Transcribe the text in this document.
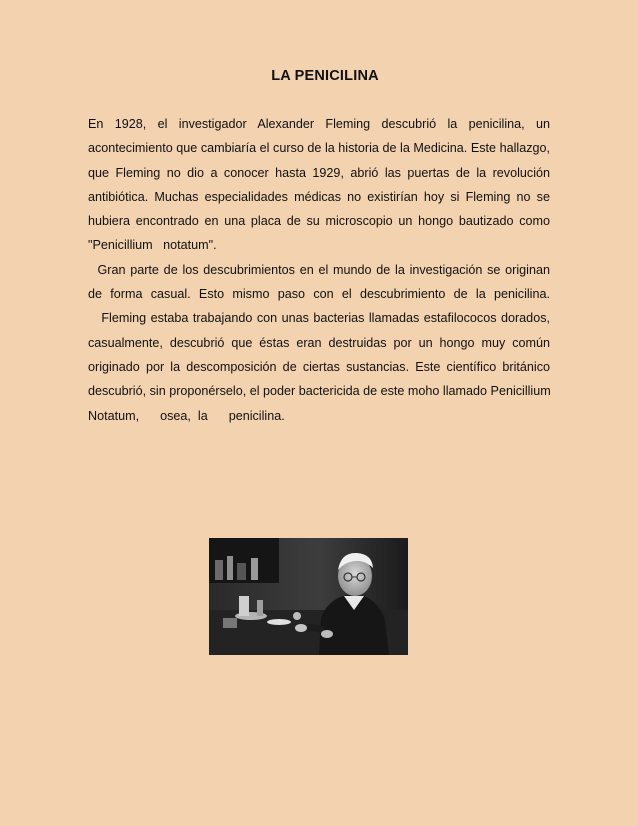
LA PENICILINA
En 1928, el investigador Alexander Fleming descubrió la penicilina, un
acontecimiento que cambiaría el curso de la historia de la Medicina. Este hallazgo,
que Fleming no dio a conocer hasta 1929, abrió las puertas de la revolución
antibiótica. Muchas especialidades médicas no existirían hoy si Fleming no se
hubiera encontrado en una placa de su microscopio un hongo bautizado como
"Penicillium   notatum".
Gran parte de los descubrimientos en el mundo de la investigación se originan
de forma casual. Esto mismo paso con el descubrimiento de la penicilina.
Fleming estaba trabajando con unas bacterias llamadas estafilococos dorados,
casualmente, descubrió que éstas eran destruidas por un hongo muy común
originado por la descomposición de ciertas sustancias. Este científico británico
descubrió, sin proponérselo, el poder bactericida de este moho llamado Penicillium
Notatum,      osea,  la      penicilina.
